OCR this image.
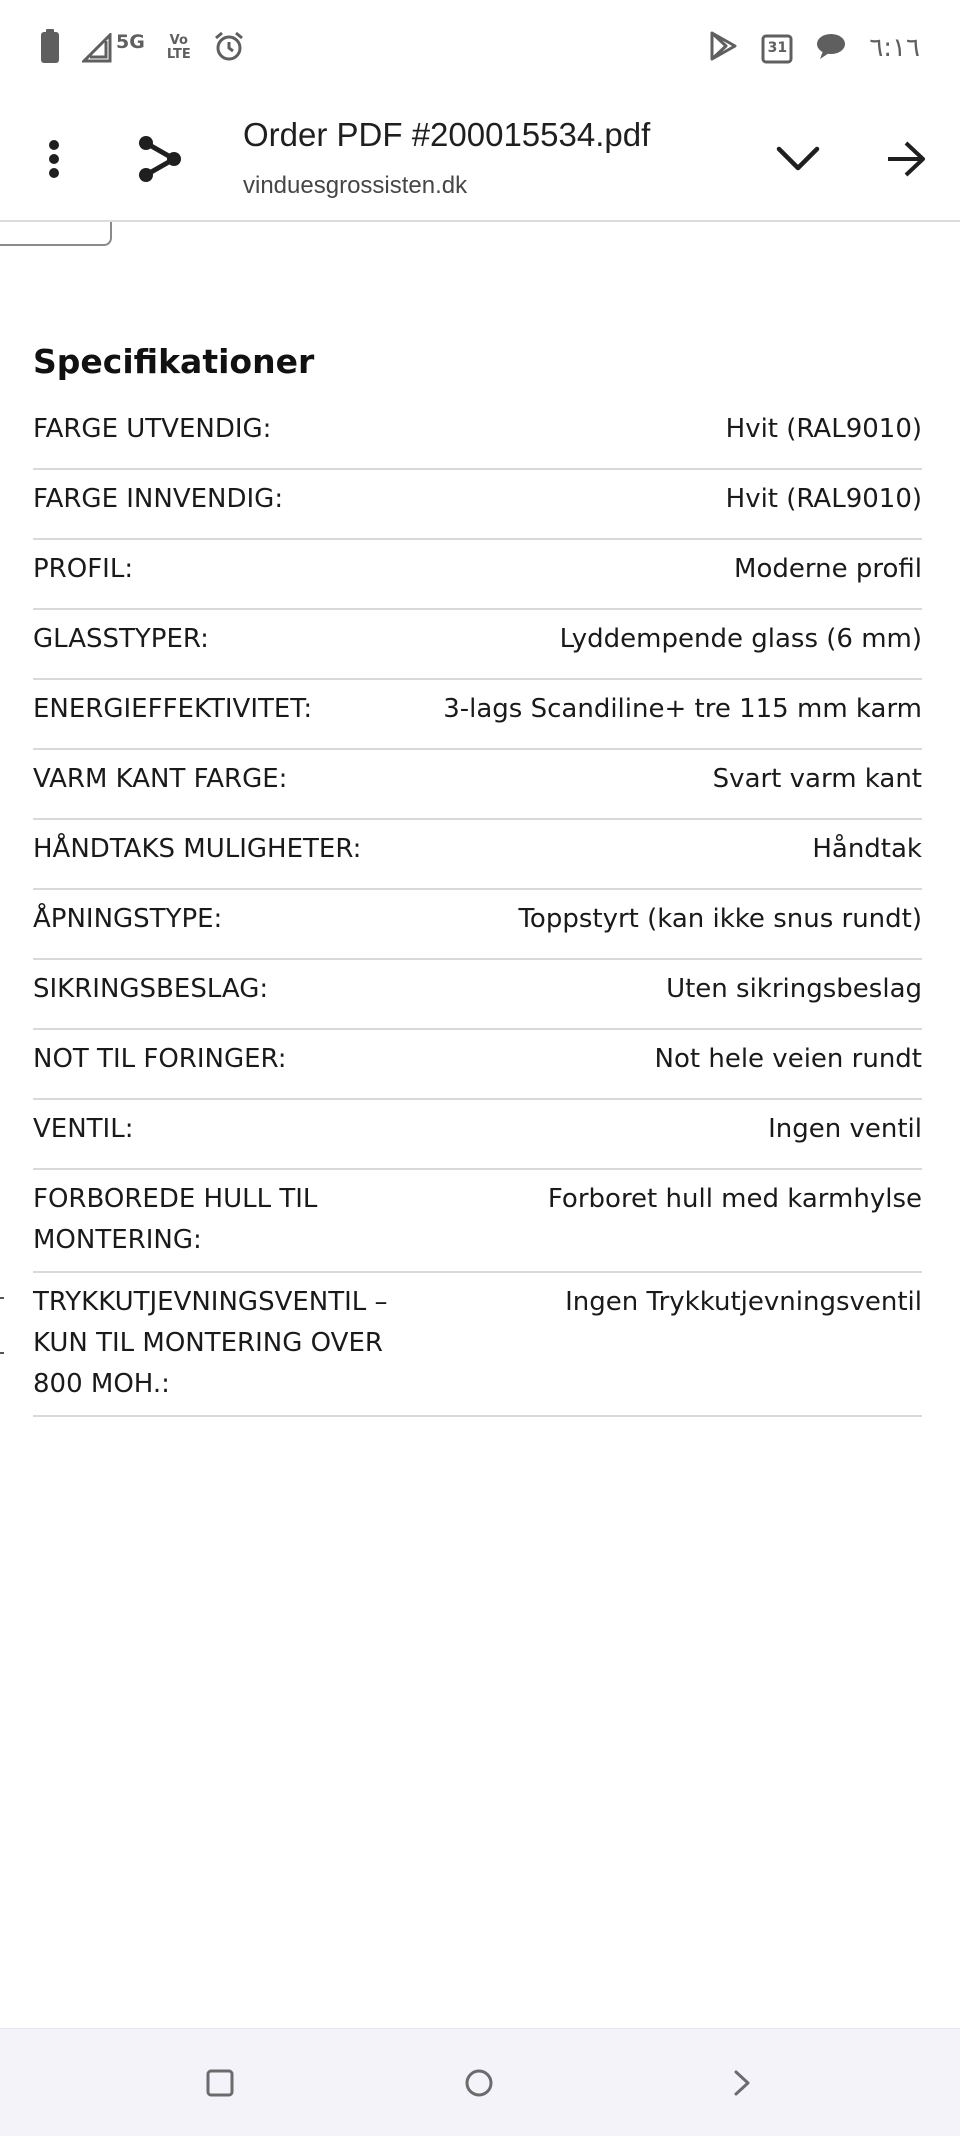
5G Vo
LTE	31	٦:١٦
Order PDF #200015534.pdf
vinduesgrossisten.dk
Specifikationer
FARGE UTVENDIG:	Hvit (RAL9010)
FARGE INNVENDIG:	Hvit (RAL9010)
PROFIL:	Moderne profil
GLASSTYPER:	Lyddempende glass (6 mm)
ENERGIEFFEKTIVITET:	3-lags Scandiline+ tre 115 mm karm
VARM KANT FARGE:	Svart varm kant
HÅNDTAKS MULIGHETER:	Håndtak
ÅPNINGSTYPE:	Toppstyrt (kan ikke snus rundt)
SIKRINGSBESLAG:	Uten sikringsbeslag
NOT TIL FORINGER:	Not hele veien rundt
VENTIL:	Ingen ventil
FORBOREDE HULL TIL MONTERING:
Forboret hull med karmhylse
TRYKKUTJEVNINGSVENTIL – KUN TIL MONTERING OVER 800 MOH.:
Ingen Trykkutjevningsventil
